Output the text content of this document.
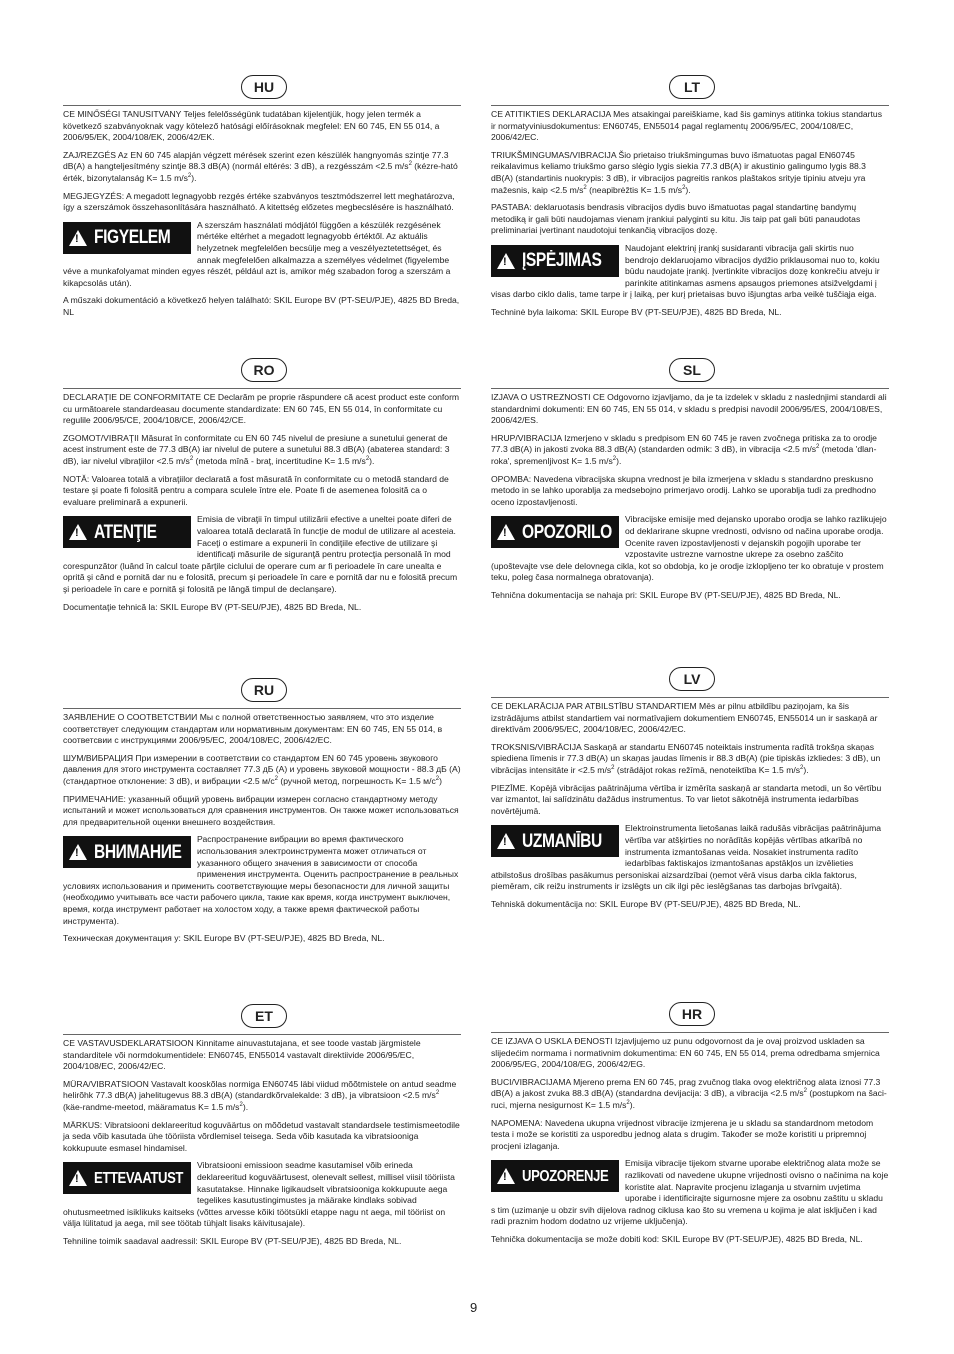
HU

CE MINŐSÉGI TANUSITVANY Teljes felelősségünk tudatában kijelentjük, hogy jelen termék a következő szabványoknak vagy kötelező hatósági előírásoknak megfelel: EN 60 745, EN 55 014, a 2006/95/EK, 2004/108/EK, 2006/42/EK.

ZAJ/REZGÉS Az EN 60 745 alapján végzett mérések szerint ezen készülék hangnyomás szintje 77.3 dB(A) a hangteljesítmény szintje 88.3 dB(A) (normál eltérés: 3 dB), a rezgésszám <2.5 $m/s^2$ (kézre-ható érték, bizonytalanság K= 1.5 $m/s^2$).

MEGJEGYZÉS: A megadott legnagyobb rezgés értéke szabványos tesztmódszerrel lett meghatározva, így a szerszámok összehasonlítására használható. A kitettség előzetes megbecslésére is használható.

! FIGYELEM
A szerszám használati módjától függően a készülék rezgésének mértéke eltérhet a megadott legnagyobb értéktől. Az aktuális helyzetnek megfelelően becsülje meg a veszélyeztetettséget, és annak megfelelően alkalmazza a személyes védelmet (figyelembe véve a munkafolyamat minden egyes részét, például azt is, amikor még szabadon forog a szerszám a kikapcsolás után).

A műszaki dokumentáció a következő helyen található: SKIL Europe BV (PT-SEU/PJE), 4825 BD Breda, NL

LT

CE ATITIKTIES DEKLARACIJA Mes atsakingai pareiškiame, kad šis gaminys atitinka tokius standartus ir normatyviniusdokumentus: EN60745, EN55014 pagal reglamentų 2006/95/EC, 2004/108/EC, 2006/42/EC.

TRIUKŠMINGUMAS/VIBRACIJA Šio prietaiso triukšmingumas buvo išmatuotas pagal EN60745 reikalavimus keliamo triukšmo garso slėgio lygis siekia 77.3 dB(A) ir akustinio galingumo lygis 88.3 dB(A) (standartinis nuokrypis: 3 dB), ir vibracijos pagreitis rankos plaštakos srityje tipiniu atveju yra mažesnis, kaip <2.5 $m/s^2$ (neapibrėžtis K= 1.5 $m/s^2$).

PASTABA: deklaruotasis bendrasis vibracijos dydis buvo išmatuotas pagal standartinę bandymų metodiką ir gali būti naudojamas vienam įrankiui palyginti su kitu. Jis taip pat gali būti panaudotas preliminariai įvertinant naudotojui tenkančią vibracijos dozę.

! ĮSPĖJIMAS
Naudojant elektrinį įrankį susidaranti vibracija gali skirtis nuo bendrojo deklaruojamo vibracijos dydžio priklausomai nuo to, kokiu būdu naudojate įrankį. Įvertinkite vibracijos dozę konkrečiu atveju ir parinkite atitinkamas asmens apsaugos priemones atsižvelgdami į visas darbo ciklo dalis, tame tarpe ir į laiką, per kurį prietaisas buvo išjungtas arba veikė tuščiąja eiga.

Techninė byla laikoma: SKIL Europe BV (PT-SEU/PJE), 4825 BD Breda, NL.

RO

DECLARAŢIE DE CONFORMITATE CE Declarăm pe proprie răspundere că acest product este conform cu următoarele standardeasau documente standardizate: EN 60 745, EN 55 014, în conformitate cu regulile 2006/95/CE, 2004/108/CE, 2006/42/CE.

ZGOMOT/VIBRAŢII Măsurat în conformitate cu EN 60 745 nivelul de presiune a sunetului generat de acest instrument este de 77.3 dB(A) iar nivelul de putere a sunetului 88.3 dB(A) (abaterea standard: 3 dB), iar nivelul vibraţiilor <2.5 $m/s^2$ (metoda mînă - braţ, incertitudine K= 1.5 $m/s^2$).

NOTĂ: Valoarea totală a vibraţiilor declarată a fost măsurată în conformitate cu o metodă standard de testare şi poate fi folosită pentru a compara sculele între ele. Poate fi de asemenea folosită ca o evaluare preliminară a expunerii.

! ATENŢIE
Emisia de vibraţii în timpul utilizării efective a uneltei poate diferi de valoarea totală declarată în funcţie de modul de utilizare al acesteia. Faceţi o estimare a expunerii în condiţiile efective de utilizare şi identificaţi măsurile de siguranţă pentru protecţia personală în mod corespunzător (luând în calcul toate părţile ciclului de operare cum ar fi perioadele în care unealta e oprită şi când e pornită dar nu e folosită, precum şi perioadele în care e pornită dar nu e folosită precum şi perioadele în care e pornită şi folosită pe lângă timpul de declanşare).

Documentaţie tehnică la: SKIL Europe BV (PT-SEU/PJE), 4825 BD Breda, NL.

SL

IZJAVA O USTREZNOSTI CE Odgovorno izjavljamo, da je ta izdelek v skladu z naslednjimi standardi ali standardnimi dokumenti: EN 60 745, EN 55 014, v skladu s predpisi navodil 2006/95/ES, 2004/108/ES, 2006/42/ES.

HRUP/VIBRACIJA Izmerjeno v skladu s predpisom EN 60 745 je raven zvočnega pritiska za to orodje 77.3 dB(A) in jakosti zvoka 88.3 dB(A) (standarden odmik: 3 dB), in vibracija <2.5 $m/s^2$ (metoda 'dlan-roka', spremenljivost K= 1.5 $m/s^2$).

OPOMBA: Navedena vibracijska skupna vrednost je bila izmerjena v skladu s standardno preskusno metodo in se lahko uporablja za medsebojno primerjavo orodij. Lahko se uporablja tudi za predhodno oceno izpostavljenosti.

! OPOZORILO
Vibracijske emisije med dejansko uporabo orodja se lahko razlikujejo od deklarirane skupne vrednosti, odvisno od načina uporabe orodja. Ocenite raven izpostavljenosti v dejanskih pogojih uporabe ter vzpostavite ustrezne varnostne ukrepe za osebno zaščito (upoštevajte vse dele delovnega cikla, kot so obdobja, ko je orodje izklopljeno ter ko obratuje v prostem teku, poleg časa normalnega obratovanja).

Tehnična dokumentacija se nahaja pri: SKIL Europe BV (PT-SEU/PJE), 4825 BD Breda, NL.

RU

ЗАЯВЛЕНИЕ О СООТВЕТСТВИИ Мы с полной ответственностью заявляем, что это изделие соответствует следующим стандартам или нормативным документам: EN 60 745, EN 55 014, в соответсвии с инструкциями 2006/95/EC, 2004/108/EC, 2006/42/EC.

ШУМ/ВИБРАЦИЯ При измерении в соответствии со стандартом EN 60 745 уровень звукового давления для этого инструмента составляет 77.3 дБ (A) и уровень звуковой мощности - 88.3 дБ (A) (стандартное отклонение: 3 dB), и вибрации <2.5 $м/с^2$ (ручной метод, погрешность K= 1.5 $м/с^2$)

ПРИМЕЧАНИЕ: указанный общий уровень вибрации измерен согласно стандартному методу испытаний и может использоваться для сравнения инструментов. Он также может использоваться для предварительной оценки внешнего воздействия.

! ВНИМАНИЕ
Распространение вибрации во время фактического использования электроинструмента может отличаться от указанного общего значения в зависимости от способа применения инструмента. Оценить распространение в реальных условиях использования и применить соответствующие меры безопасности для личной защиты (необходимо учитывать все части рабочего цикла, такие как время, когда инструмент выключен, время, когда инструмент работает на холостом ходу, а также время фактической работы инструмента).

Техническая документация у: SKIL Europe BV (PT-SEU/PJE), 4825 BD Breda, NL.

LV

CE DEKLARĀCIJA PAR ATBILSTĪBU STANDARTIEM Mēs ar pilnu atbildību paziņojam, ka šis izstrādājums atbilst standartiem vai normatīvajiem dokumentiem EN60745, EN55014 un ir saskaņā ar direktīvām 2006/95/EC, 2004/108/EC, 2006/42/EC.

TROKSNIS/VIBRĀCIJA Saskaņā ar standartu EN60745 noteiktais instrumenta radītā trokšņa skaņas spiediena līmenis ir 77.3 dB(A) un skaņas jaudas līmenis ir 88.3 dB(A) (pie tipiskās izkliedes: 3 dB), un vibrācijas intensitāte ir <2.5 $m/s^2$ (strādājot rokas režīmā, nenoteiktība K= 1.5 $m/s^2$).

PIEZĪME. Kopējā vibrācijas paātrinājuma vērtība ir izmērīta saskaņā ar standarta metodi, un šo vērtību var izmantot, lai salīdzinātu dažādus instrumentus. To var lietot sākotnējā instrumenta iedarbības novērtējumā.

! UZMANĪBU
Elektroinstrumenta lietošanas laikā radušās vibrācijas paātrinājuma vērtība var atšķirties no norādītās kopējās vērtības atkarībā no instrumenta izmantošanas veida. Nosakiet instrumenta radīto iedarbības faktiskajos izmantošanas apstākļos un izvēlieties atbilstošus drošības pasākumus personiskai aizsardzībai (ņemot vērā visus darba cikla faktorus, piemēram, cik reižu instruments ir izslēgts un cik ilgi pēc ieslēgšanas tas darbojas brīvgaitā).

Tehniskā dokumentācija no: SKIL Europe BV (PT-SEU/PJE), 4825 BD Breda, NL.

ET

CE VASTAVUSDEKLARATSIOON Kinnitame ainuvastutajana, et see toode vastab järgmistele standarditele või normdokumentidele: EN60745, EN55014 vastavalt direktiivide 2006/95/EC, 2004/108/EC, 2006/42/EC.

MÜRA/VIBRATSIOON Vastavalt kooskõlas normiga EN60745 läbi viidud mõõtmistele on antud seadme helirõhk 77.3 dB(A) jahelitugevus 88.3 dB(A) (standardkõrvalekalde: 3 dB), ja vibratsioon <2.5 $m/s^2$ (käe-randme-meetod, määramatus K= 1.5 $m/s^2$).

MÄRKUS: Vibratsiooni deklareeritud koguväärtus on mõõdetud vastavalt standardsele testimismeetodile ja seda võib kasutada ühe tööriista võrdlemisel teisega. Seda võib kasutada ka vibratsiooniga kokkupuute esmasel hindamisel.

! ETTEVAATUST
Vibratsiooni emissioon seadme kasutamisel võib erineda deklareeritud koguväärtusest, olenevalt sellest, millisel viisil tööriista kasutatakse. Hinnake ligikaudselt vibratsiooniga kokkupuute aega tegelikes kasutustingimustes ja määrake kindlaks sobivad ohutusmeetmed isiklikuks kaitseks (võttes arvesse kõiki töötsükli etappe nagu nt aega, mil tööriist on välja lülitatud ja aega, mil see töötab tühjalt lisaks käivitusajale).

Tehniline toimik saadaval aadressil: SKIL Europe BV (PT-SEU/PJE), 4825 BD Breda, NL.

HR

CE IZJAVA O USKLA ĐENOSTI Izjavljujemo uz punu odgovornost da je ovaj proizvod uskladen sa slijedećim normama i normativnim dokumentima: EN 60 745, EN 55 014, prema odredbama smjernica 2006/95/EG, 2004/108/EG, 2006/42/EG.

BUCI/VIBRACIJAMA Mjereno prema EN 60 745, prag zvučnog tlaka ovog električnog alata iznosi 77.3 dB(A) a jakost zvuka 88.3 dB(A) (standardna devijacija: 3 dB), a vibracija <2.5 $m/s^2$ (postupkom na šaci-ruci, mjerna nesigurnost K= 1.5 $m/s^2$).

NAPOMENA: Navedena ukupna vrijednost vibracije izmjerena je u skladu sa standardnom metodom testa i može se koristiti za usporedbu jednog alata s drugim. Također se može koristiti u pripremnoj procjeni izlaganja.

! UPOZORENJE
Emisija vibracije tijekom stvarne uporabe električnog alata može se razlikovati od navedene ukupne vrijednosti ovisno o načinima na koje koristite alat. Napravite procjenu izlaganja u stvarnim uvjetima uporabe i identificirajte sigurnosne mjere za osobnu zaštitu u skladu s tim (uzimanje u obzir svih dijelova radnog ciklusa kao što su vremena u kojima je alat isključen i kad radi praznim hodom dodatno uz vrijeme uključenja).

Tehnička dokumentacija se može dobiti kod: SKIL Europe BV (PT-SEU/PJE), 4825 BD Breda, NL.

9
